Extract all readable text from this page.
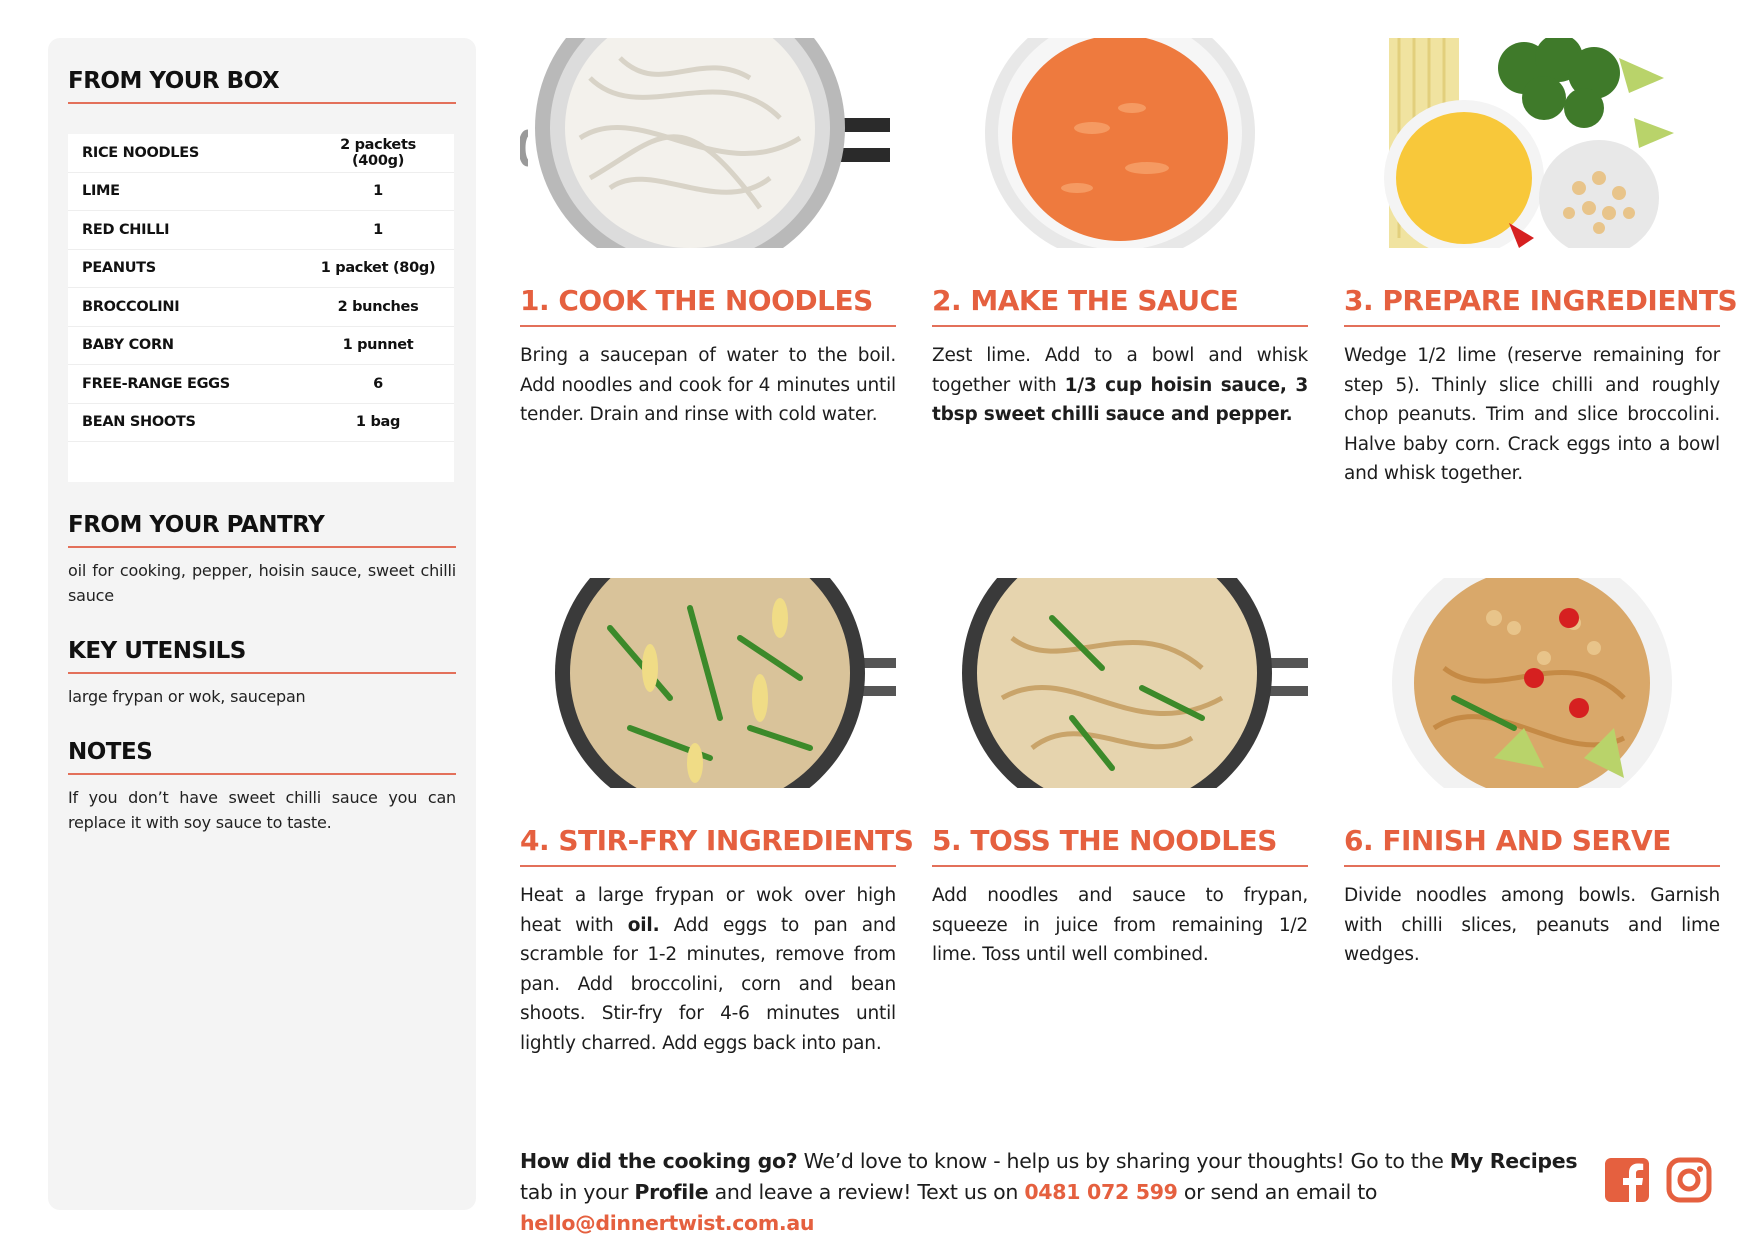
FROM YOUR BOX
RICE NOODLES	2 packets (400g)
LIME	1
RED CHILLI	1
PEANUTS	1 packet (80g)
BROCCOLINI	2 bunches
BABY CORN	1 punnet
FREE-RANGE EGGS	6
BEAN SHOOTS	1 bag
FROM YOUR PANTRY
oil for cooking, pepper, hoisin sauce, sweet chilli sauce
KEY UTENSILS
large frypan or wok, saucepan
NOTES
If you don’t have sweet chilli sauce you can replace it with soy sauce to taste.
1. COOK THE NOODLES
Bring a saucepan of water to the boil. Add noodles and cook for 4 minutes until tender. Drain and rinse with cold water.
2. MAKE THE SAUCE
Zest lime. Add to a bowl and whisk together with 1/3 cup hoisin sauce, 3 tbsp sweet chilli sauce and pepper.
3. PREPARE INGREDIENTS
Wedge 1/2 lime (reserve remaining for step 5). Thinly slice chilli and roughly chop peanuts. Trim and slice broccolini. Halve baby corn. Crack eggs into a bowl and whisk together.
4. STIR-FRY INGREDIENTS
Heat a large frypan or wok over high heat with oil. Add eggs to pan and scramble for 1-2 minutes, remove from pan. Add broccolini, corn and bean shoots. Stir-fry for 4-6 minutes until lightly charred. Add eggs back into pan.
5. TOSS THE NOODLES
Add noodles and sauce to frypan, squeeze in juice from remaining 1/2 lime. Toss until well combined.
6. FINISH AND SERVE
Divide noodles among bowls. Garnish with chilli slices, peanuts and lime wedges.
How did the cooking go? We’d love to know - help us by sharing your thoughts! Go to the My Recipes tab in your Profile and leave a review! Text us on 0481 072 599 or send an email to hello@dinnertwist.com.au
